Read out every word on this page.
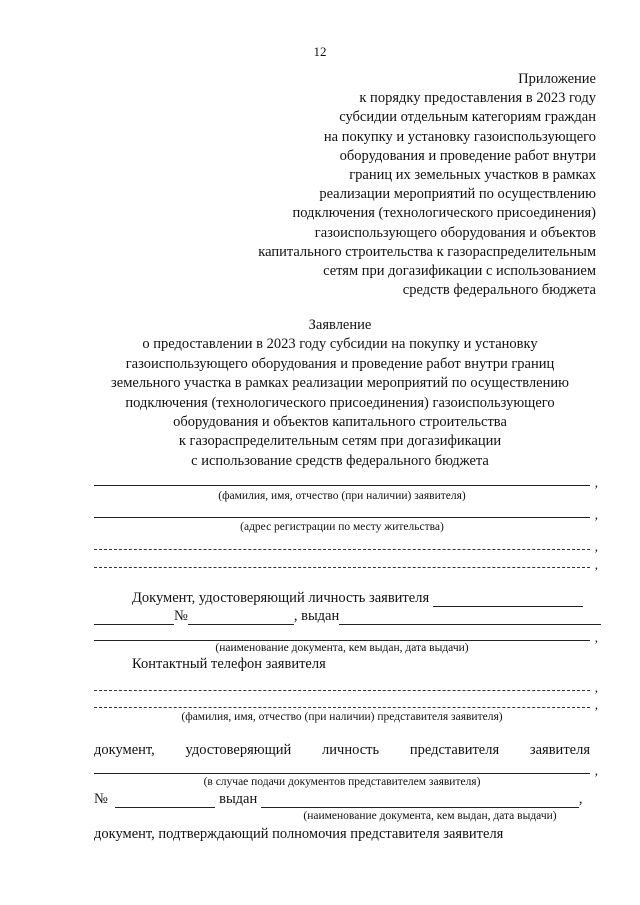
12
Приложение
к порядку предоставления в 2023 году
субсидии отдельным категориям граждан
на покупку и установку газоиспользующего
оборудования и проведение работ внутри
границ их земельных участков в рамках
реализации мероприятий по осуществлению
подключения (технологического присоединения)
газоиспользующего оборудования и объектов
капитального строительства к газораспределительным
сетям при догазификации с использованием
средств федерального бюджета
Заявление
о предоставлении в 2023 году субсидии на покупку и установку
газоиспользующего оборудования и проведение работ внутри границ
земельного участка в рамках реализации мероприятий по осуществлению
подключения (технологического присоединения) газоиспользующего
оборудования и объектов капитального строительства
к газораспределительным сетям при догазификации
с использование средств федерального бюджета
,
(фамилия, имя, отчество (при наличии) заявителя)
,
(адрес регистрации по месту жительства)
,
,
Документ, удостоверяющий личность заявителя
№	, выдан
,
(наименование документа, кем выдан, дата выдачи)
Контактный телефон заявителя
,
,
(фамилия, имя, отчество (при наличии) представителя заявителя)
документ, удостоверяющий личность представителя заявителя
,
(в случае подачи документов представителем заявителя)
№	выдан	,
(наименование документа, кем выдан, дата выдачи)
документ, подтверждающий полномочия представителя заявителя
